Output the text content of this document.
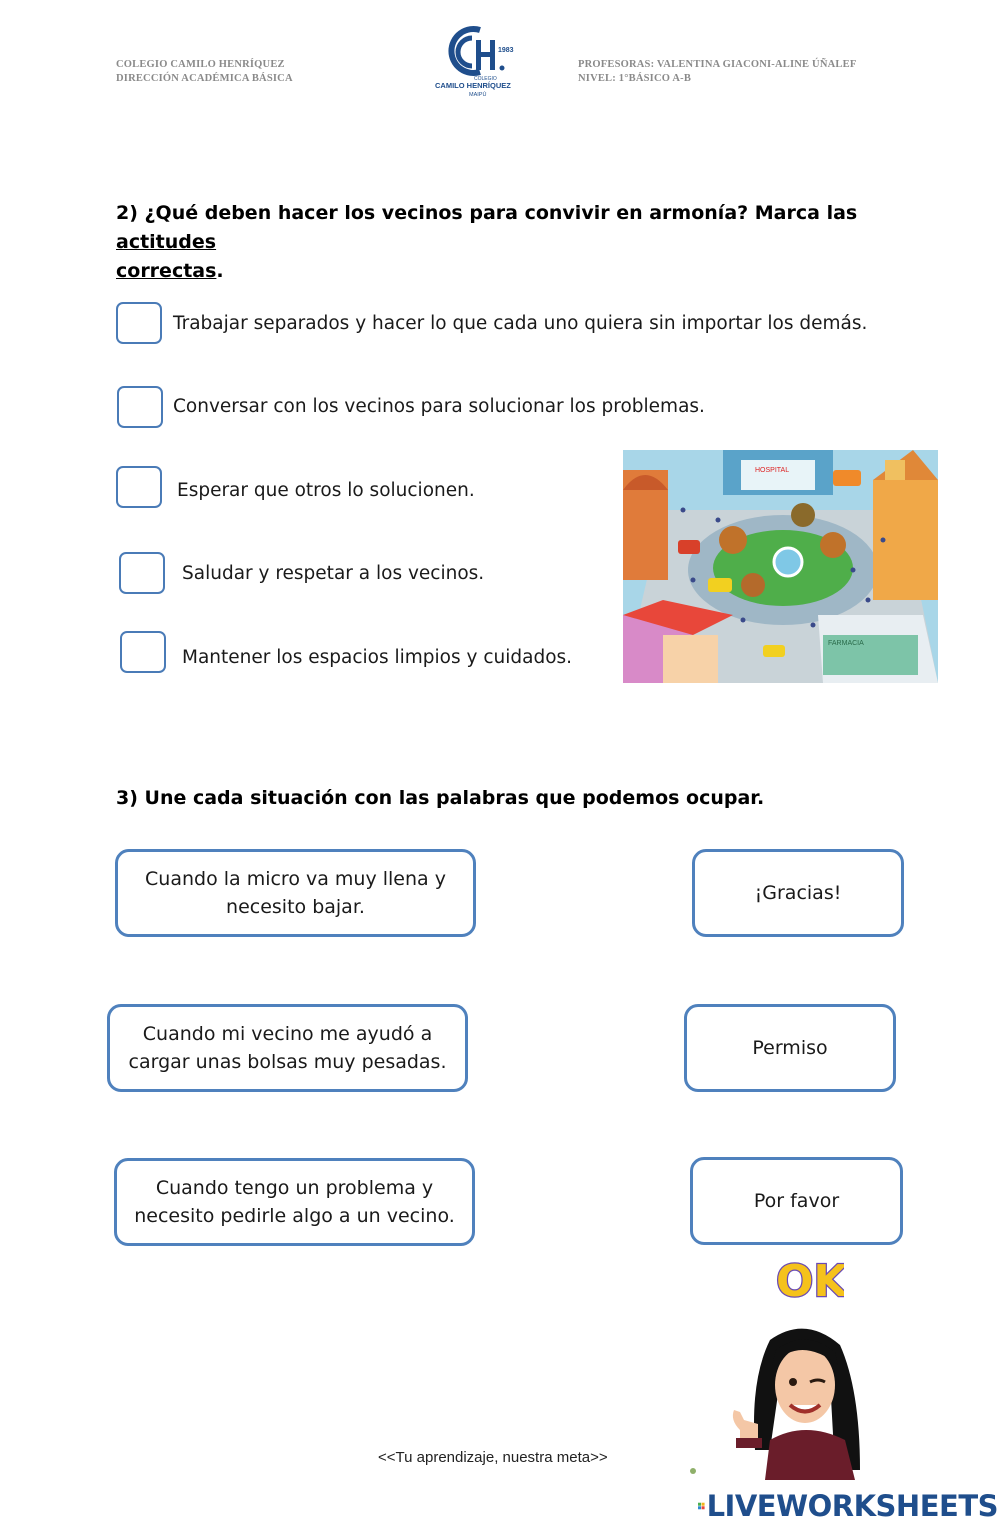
COLEGIO CAMILO HENRÍQUEZ
DIRECCIÓN ACADÉMICA BÁSICA
1983
COLEGIO
CAMILO HENRÍQUEZ
MAIPÚ
PROFESORAS: VALENTINA GIACONI-ALINE ÚÑALEF
NIVEL: 1°BÁSICO A-B
2) ¿Qué deben hacer los vecinos para convivir en armonía? Marca las actitudes
correctas.
Trabajar separados y hacer lo que cada uno quiera sin importar los demás.
Conversar con los vecinos para solucionar los problemas.
Esperar que otros lo solucionen.
Saludar y respetar a los vecinos.
Mantener los espacios limpios y cuidados.
HOSPITAL
FARMACIA
3) Une cada situación con las palabras que podemos ocupar.
Cuando la micro va muy llena y
necesito bajar.
¡Gracias!
Cuando mi vecino me ayudó a
cargar unas bolsas muy pesadas.
Permiso
Cuando tengo un problema y
necesito pedirle algo a un vecino.
Por favor
OK
<<Tu aprendizaje, nuestra meta>>
LIVEWORKSHEETS
